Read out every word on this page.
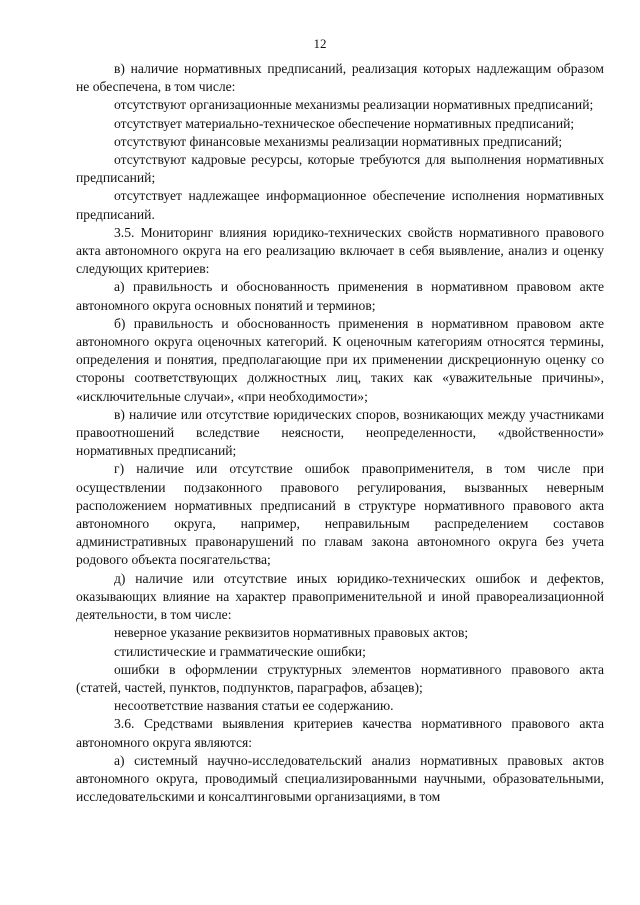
12

в) наличие нормативных предписаний, реализация которых надлежащим образом не обеспечена, в том числе:

отсутствуют организационные механизмы реализации нормативных предписаний;

отсутствует материально-техническое обеспечение нормативных предписаний;

отсутствуют финансовые механизмы реализации нормативных предписаний;

отсутствуют кадровые ресурсы, которые требуются для выполнения нормативных предписаний;

отсутствует надлежащее информационное обеспечение исполнения нормативных предписаний.

3.5. Мониторинг влияния юридико-технических свойств нормативного правового акта автономного округа на его реализацию включает в себя выявление, анализ и оценку следующих критериев:

а) правильность и обоснованность применения в нормативном правовом акте автономного округа основных понятий и терминов;

б) правильность и обоснованность применения в нормативном правовом акте автономного округа оценочных категорий. К оценочным категориям относятся термины, определения и понятия, предполагающие при их применении дискреционную оценку со стороны соответствующих должностных лиц, таких как «уважительные причины», «исключительные случаи», «при необходимости»;

в) наличие или отсутствие юридических споров, возникающих между участниками правоотношений вследствие неясности, неопределенности, «двойственности» нормативных предписаний;

г) наличие или отсутствие ошибок правоприменителя, в том числе при осуществлении подзаконного правового регулирования, вызванных неверным расположением нормативных предписаний в структуре нормативного правового акта автономного округа, например, неправильным распределением составов административных правонарушений по главам закона автономного округа без учета родового объекта посягательства;

д) наличие или отсутствие иных юридико-технических ошибок и дефектов, оказывающих влияние на характер правоприменительной и иной правореализационной деятельности, в том числе:

неверное указание реквизитов нормативных правовых актов;

стилистические и грамматические ошибки;

ошибки в оформлении структурных элементов нормативного правового акта (статей, частей, пунктов, подпунктов, параграфов, абзацев);

несоответствие названия статьи ее содержанию.

3.6. Средствами выявления критериев качества нормативного правового акта автономного округа являются:

а) системный научно-исследовательский анализ нормативных правовых актов автономного округа, проводимый специализированными научными, образовательными, исследовательскими и консалтинговыми организациями, в том
